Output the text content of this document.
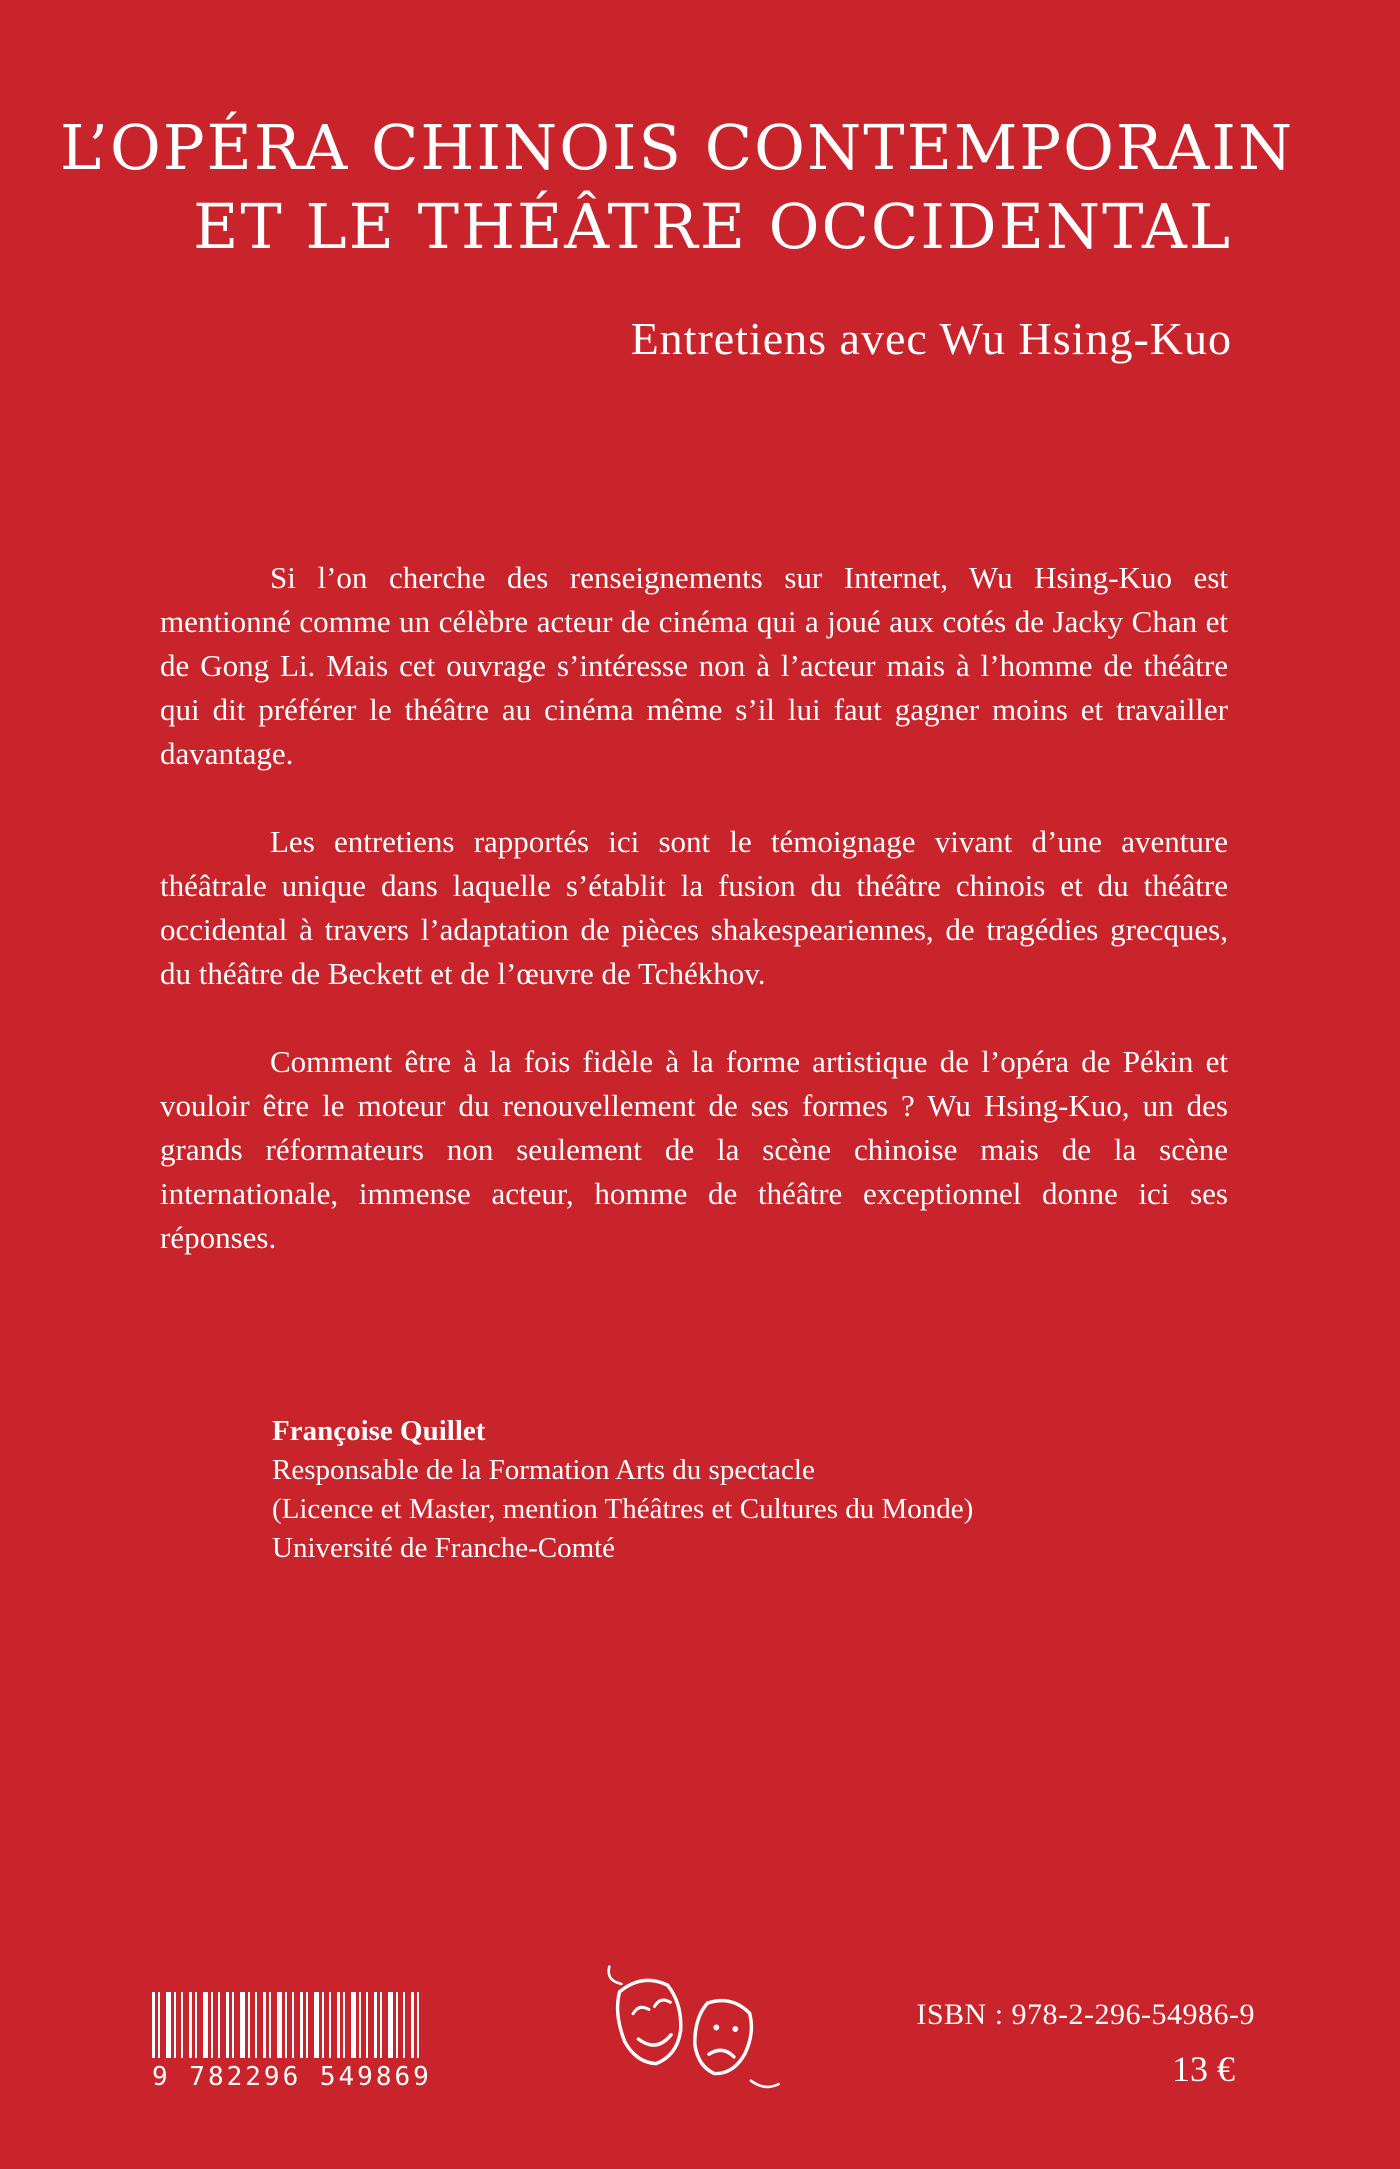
L’OPÉRA CHINOIS CONTEMPORAIN
ET LE THÉÂTRE OCCIDENTAL
Entretiens avec Wu Hsing-Kuo

Si l’on cherche des renseignements sur Internet, Wu Hsing-Kuo est mentionné comme un célèbre acteur de cinéma qui a joué aux cotés de Jacky Chan et de Gong Li. Mais cet ouvrage s’intéresse non à l’acteur mais à l’homme de théâtre qui dit préférer le théâtre au cinéma même s’il lui faut gagner moins et travailler davantage.

Les entretiens rapportés ici sont le témoignage vivant d’une aventure théâtrale unique dans laquelle s’établit la fusion du théâtre chinois et du théâtre occidental à travers l’adaptation de pièces shakespeariennes, de tragédies grecques, du théâtre de Beckett et de l’œuvre de Tchékhov.

Comment être à la fois fidèle à la forme artistique de l’opéra de Pékin et vouloir être le moteur du renouvellement de ses formes ? Wu Hsing-Kuo, un des grands réformateurs non seulement de la scène chinoise mais de la scène internationale, immense acteur, homme de théâtre exceptionnel donne ici ses réponses.

Françoise Quillet
Responsable de la Formation Arts du spectacle
(Licence et Master, mention Théâtres et Cultures du Monde)
Université de Franche-Comté
9 782296 549869
ISBN : 978-2-296-54986-9
13 €
